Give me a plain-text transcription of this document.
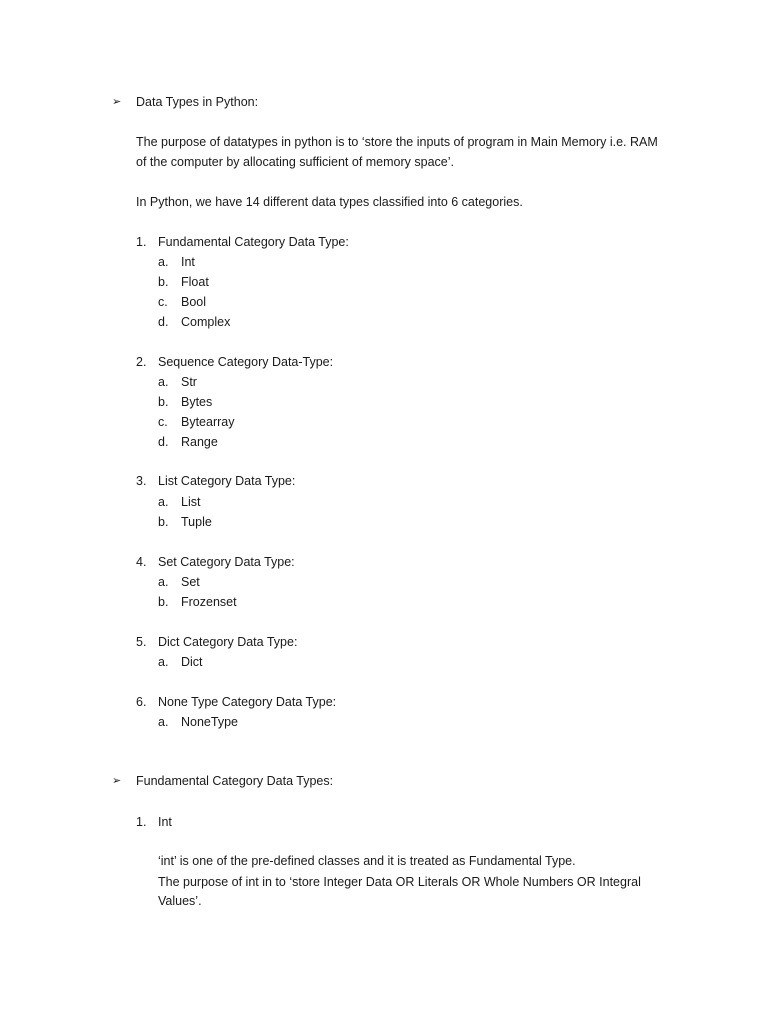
➢ Data Types in Python:
The purpose of datatypes in python is to ‘store the inputs of program in Main Memory i.e. RAM
of the computer by allocating sufficient of memory space’.
In Python, we have 14 different data types classified into 6 categories.
1. Fundamental Category Data Type:
a. Int
b. Float
c. Bool
d. Complex
2. Sequence Category Data-Type:
a. Str
b. Bytes
c. Bytearray
d. Range
3. List Category Data Type:
a. List
b. Tuple
4. Set Category Data Type:
a. Set
b. Frozenset
5. Dict Category Data Type:
a. Dict
6. None Type Category Data Type:
a. NoneType
➢ Fundamental Category Data Types:
1. Int
‘int’ is one of the pre-defined classes and it is treated as Fundamental Type.
The purpose of int in to ‘store Integer Data OR Literals OR Whole Numbers OR Integral
Values’.
